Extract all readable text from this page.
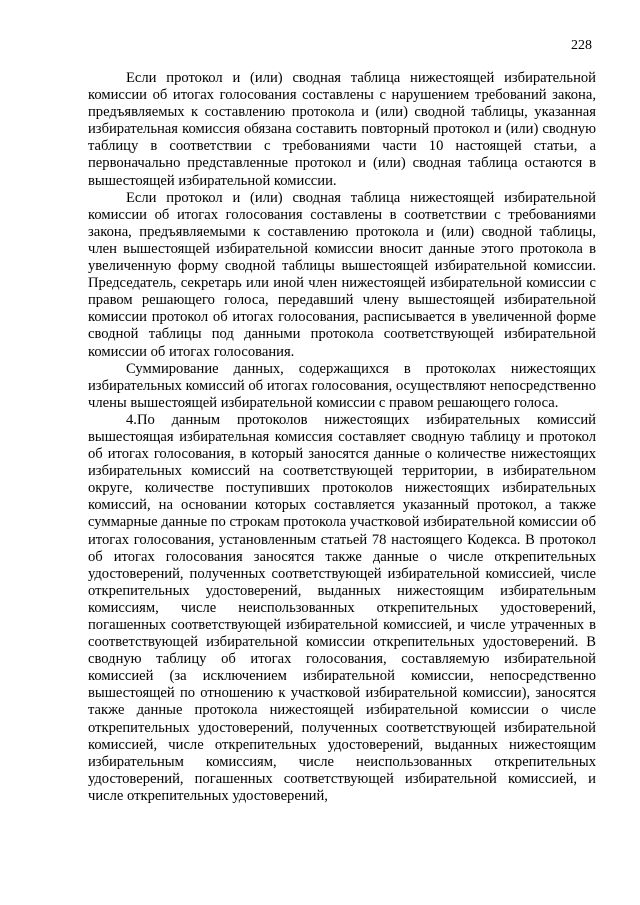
228

Если протокол и (или) сводная таблица нижестоящей избирательной комиссии об итогах голосования составлены с нарушением требований закона, предъявляемых к составлению протокола и (или) сводной таблицы, указанная избирательная комиссия обязана составить повторный протокол и (или) сводную таблицу в соответствии с требованиями части 10 настоящей статьи, а первоначально представленные протокол и (или) сводная таблица остаются в вышестоящей избирательной комиссии.

Если протокол и (или) сводная таблица нижестоящей избирательной комиссии об итогах голосования составлены в соответствии с требованиями закона, предъявляемыми к составлению протокола и (или) сводной таблицы, член вышестоящей избирательной комиссии вносит данные этого протокола в увеличенную форму сводной таблицы вышестоящей избирательной комиссии. Председатель, секретарь или иной член нижестоящей избирательной комиссии с правом решающего голоса, передавший члену вышестоящей избирательной комиссии протокол об итогах голосования, расписывается в увеличенной форме сводной таблицы под данными протокола соответствующей избирательной комиссии об итогах голосования.

Суммирование данных, содержащихся в протоколах нижестоящих избирательных комиссий об итогах голосования, осуществляют непосредственно члены вышестоящей избирательной комиссии с правом решающего голоса.

4.По данным протоколов нижестоящих избирательных комиссий вышестоящая избирательная комиссия составляет сводную таблицу и протокол об итогах голосования, в который заносятся данные о количестве нижестоящих избирательных комиссий на соответствующей территории, в избирательном округе, количестве поступивших протоколов нижестоящих избирательных комиссий, на основании которых составляется указанный протокол, а также суммарные данные по строкам протокола участковой избирательной комиссии об итогах голосования, установленным статьей 78 настоящего Кодекса. В протокол об итогах голосования заносятся также данные о числе открепительных удостоверений, полученных соответствующей избирательной комиссией, числе открепительных удостоверений, выданных нижестоящим избирательным комиссиям, числе неиспользованных открепительных удостоверений, погашенных соответствующей избирательной комиссией, и числе утраченных в соответствующей избирательной комиссии открепительных удостоверений. В сводную таблицу об итогах голосования, составляемую избирательной комиссией (за исключением избирательной комиссии, непосредственно вышестоящей по отношению к участковой избирательной комиссии), заносятся также данные протокола нижестоящей избирательной комиссии о числе открепительных удостоверений, полученных соответствующей избирательной комиссией, числе открепительных удостоверений, выданных нижестоящим избирательным комиссиям, числе неиспользованных открепительных удостоверений, погашенных соответствующей избирательной комиссией, и числе открепительных удостоверений,
